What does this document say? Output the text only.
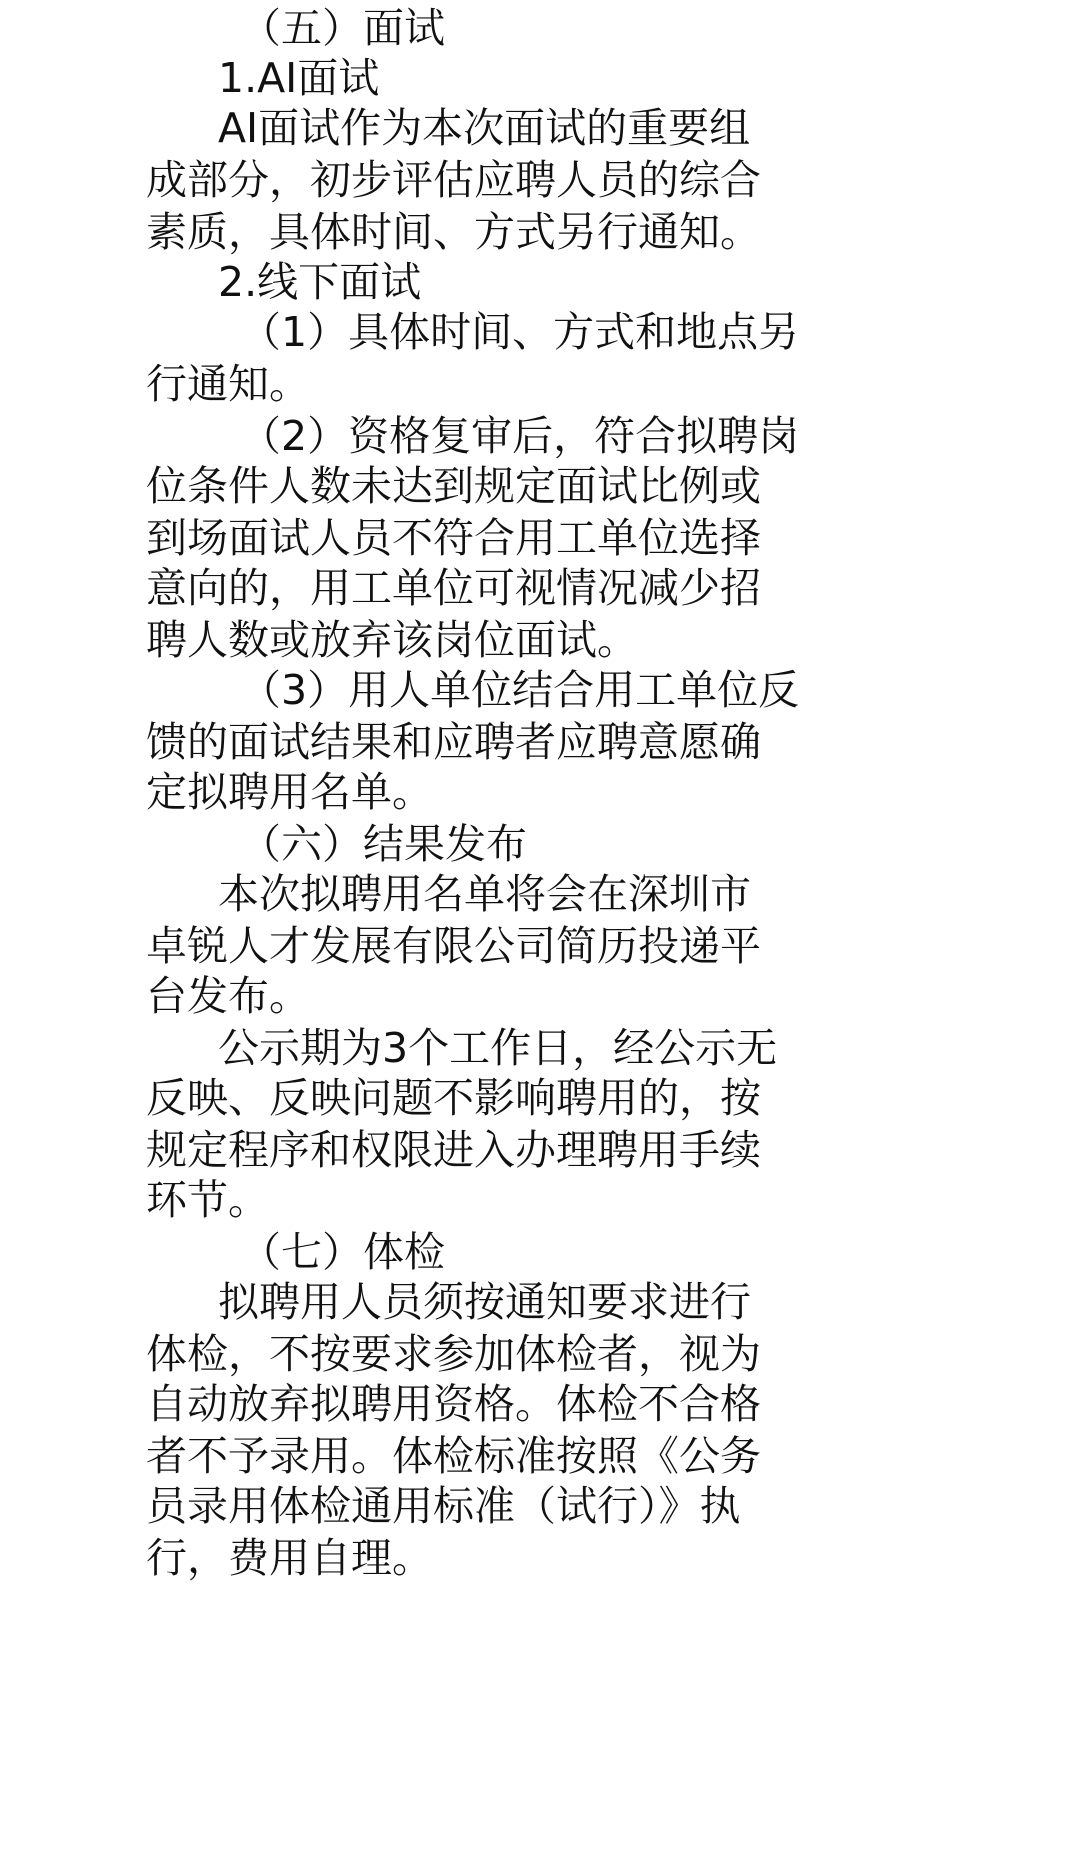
（五）面试

1.AI面试

AI面试作为本次面试的重要组

成部分，初步评估应聘人员的综合

素质，具体时间、方式另行通知。

2.线下面试

（1）具体时间、方式和地点另

行通知。

（2）资格复审后，符合拟聘岗

位条件人数未达到规定面试比例或

到场面试人员不符合用工单位选择

意向的，用工单位可视情况减少招

聘人数或放弃该岗位面试。

（3）用人单位结合用工单位反

馈的面试结果和应聘者应聘意愿确

定拟聘用名单。

（六）结果发布

本次拟聘用名单将会在深圳市

卓锐人才发展有限公司简历投递平

台发布。

公示期为3个工作日，经公示无

反映、反映问题不影响聘用的，按

规定程序和权限进入办理聘用手续

环节。

（七）体检

拟聘用人员须按通知要求进行

体检，不按要求参加体检者，视为

自动放弃拟聘用资格。体检不合格

者不予录用。体检标准按照《公务

员录用体检通用标准（试行）》执

行，费用自理。
